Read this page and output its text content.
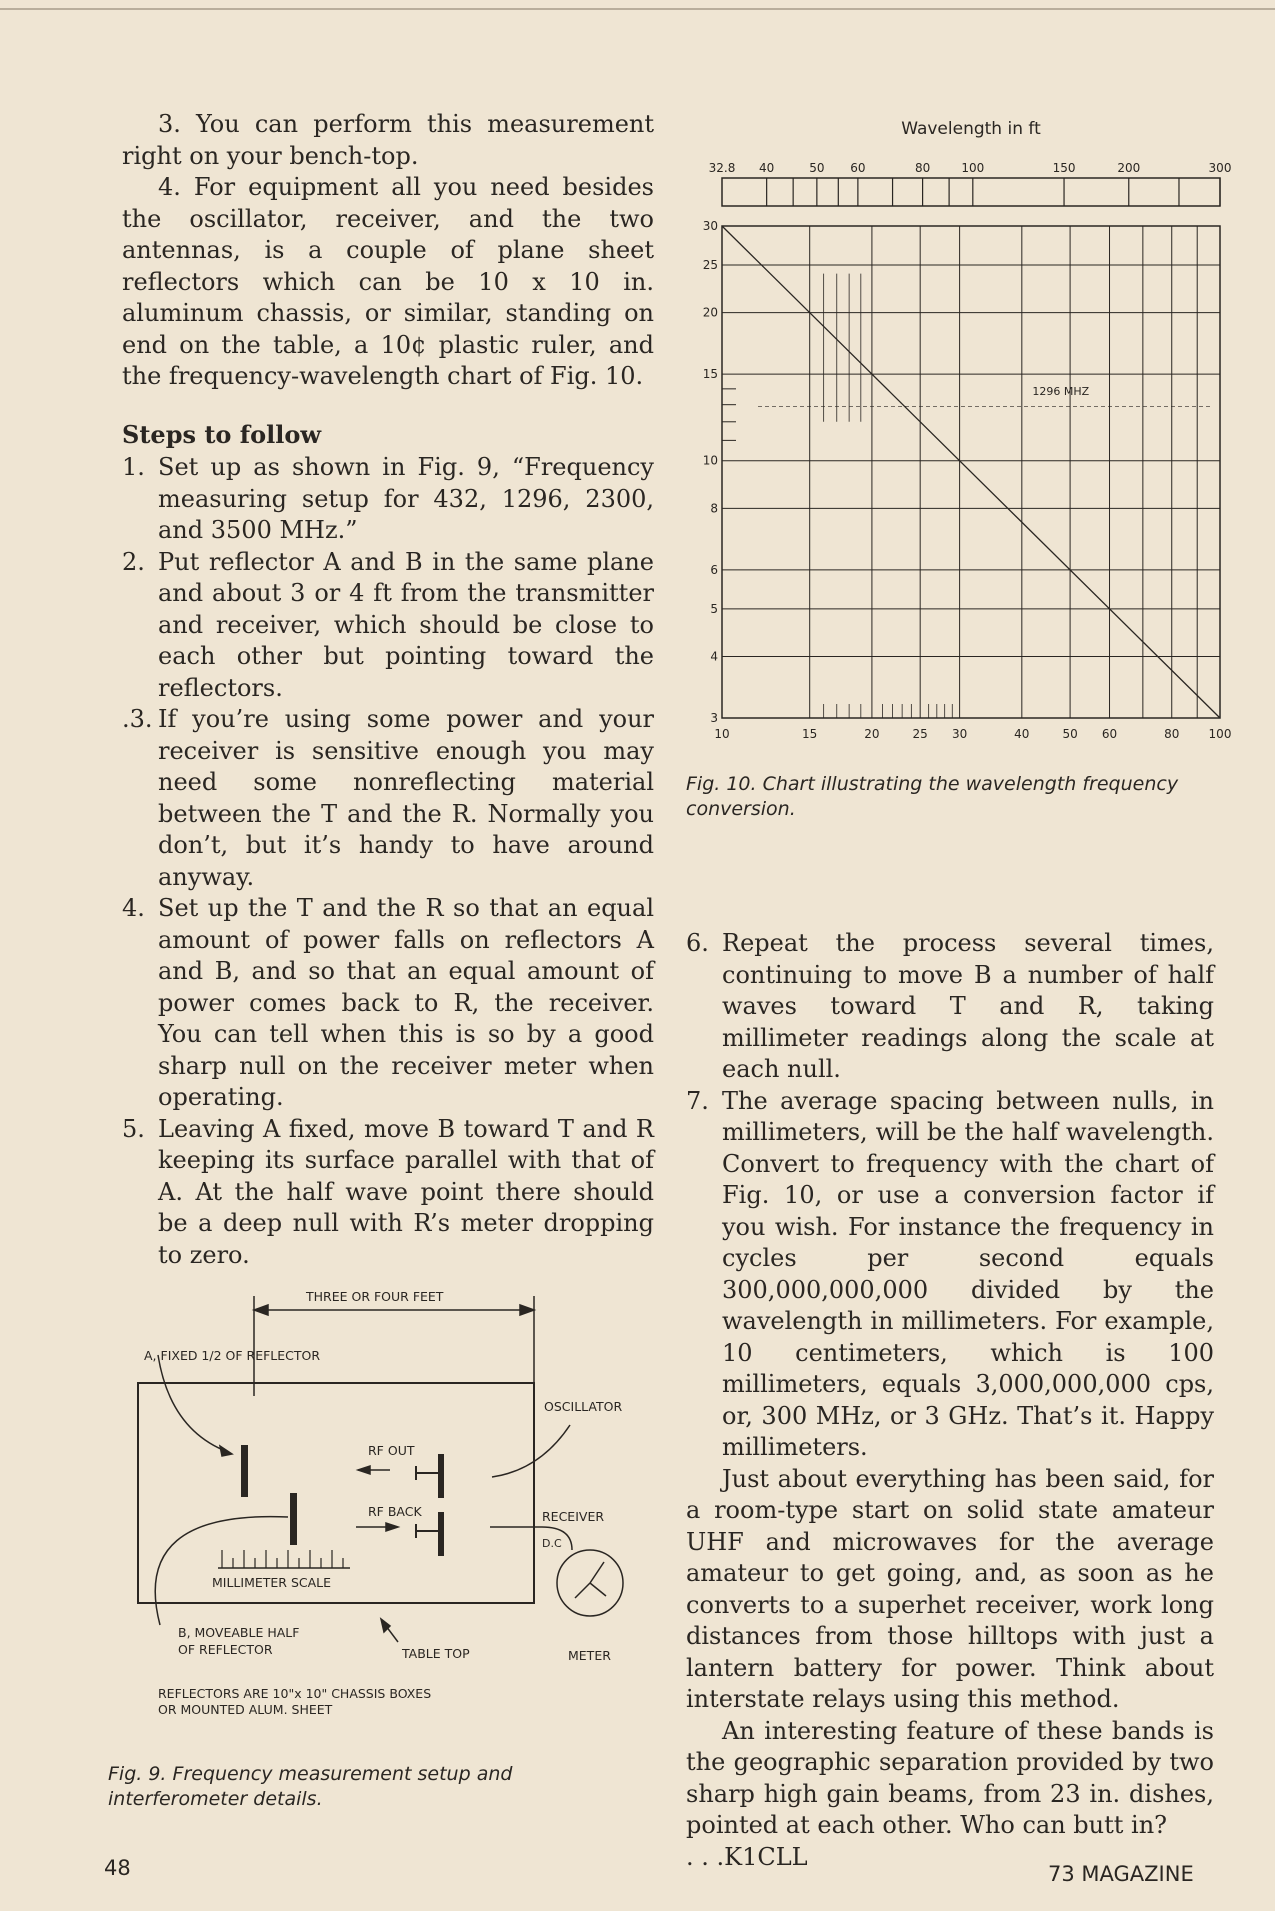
3. You can perform this measurement right on your bench-top.

4. For equipment all you need besides the oscillator, receiver, and the two antennas, is a couple of plane sheet reflectors which can be 10 x 10 in. aluminum chassis, or similar, standing on end on the table, a 10¢ plastic ruler, and the frequency-wavelength chart of Fig. 10.

Steps to follow

1. Set up as shown in Fig. 9, “Frequency measuring setup for 432, 1296, 2300, and 3500 MHz.”
2. Put reflector A and B in the same plane and about 3 or 4 ft from the transmitter and receiver, which should be close to each other but pointing toward the reflectors.
.3. If you’re using some power and your receiver is sensitive enough you may need some nonreflecting material between the T and the R. Normally you don’t, but it’s handy to have around anyway.
4. Set up the T and the R so that an equal amount of power falls on reflectors A and B, and so that an equal amount of power comes back to R, the receiver. You can tell when this is so by a good sharp null on the receiver meter when operating.
5. Leaving A fixed, move B toward T and R keeping its surface parallel with that of A. At the half wave point there should be a deep null with R’s meter dropping to zero.
THREE OR FOUR FEET
A, FIXED 1/2 OF REFLECTOR
OSCILLATOR
RF OUT
RF BACK	RECEIVER
D.C
MILLIMETER SCALE
B, MOVEABLE HALF
OF REFLECTOR	TABLE TOP	METER
REFLECTORS ARE 10"x 10" CHASSIS BOXES
OR MOUNTED ALUM. SHEET
Fig. 9. Frequency measurement setup and interferometer details.
Wavelength in ft
32.8 40	50 60	80	100	150	200	300
30
25
20
15
10
8
6
5
4
3
10	15	20	25 30	40	50 60	80 100
1296 MHZ
Fig. 10. Chart illustrating the wavelength frequency conversion.
6. Repeat the process several times, continuing to move B a number of half waves toward T and R, taking millimeter readings along the scale at each null.
7. The average spacing between nulls, in millimeters, will be the half wavelength. Convert to frequency with the chart of Fig. 10, or use a conversion factor if you wish. For instance the frequency in cycles per second equals 300,000,000,000 divided by the wavelength in millimeters. For example, 10 centimeters, which is 100 millimeters, equals 3,000,000,000 cps, or, 300 MHz, or 3 GHz. That’s it. Happy millimeters.

Just about everything has been said, for a room-type start on solid state amateur UHF and microwaves for the average amateur to get going, and, as soon as he converts to a superhet receiver, work long distances from those hilltops with just a lantern battery for power. Think about interstate relays using this method.

An interesting feature of these bands is the geographic separation provided by two sharp high gain beams, from 23 in. dishes, pointed at each other. Who can butt in?

. . .K1CLL

48	73 MAGAZINE
